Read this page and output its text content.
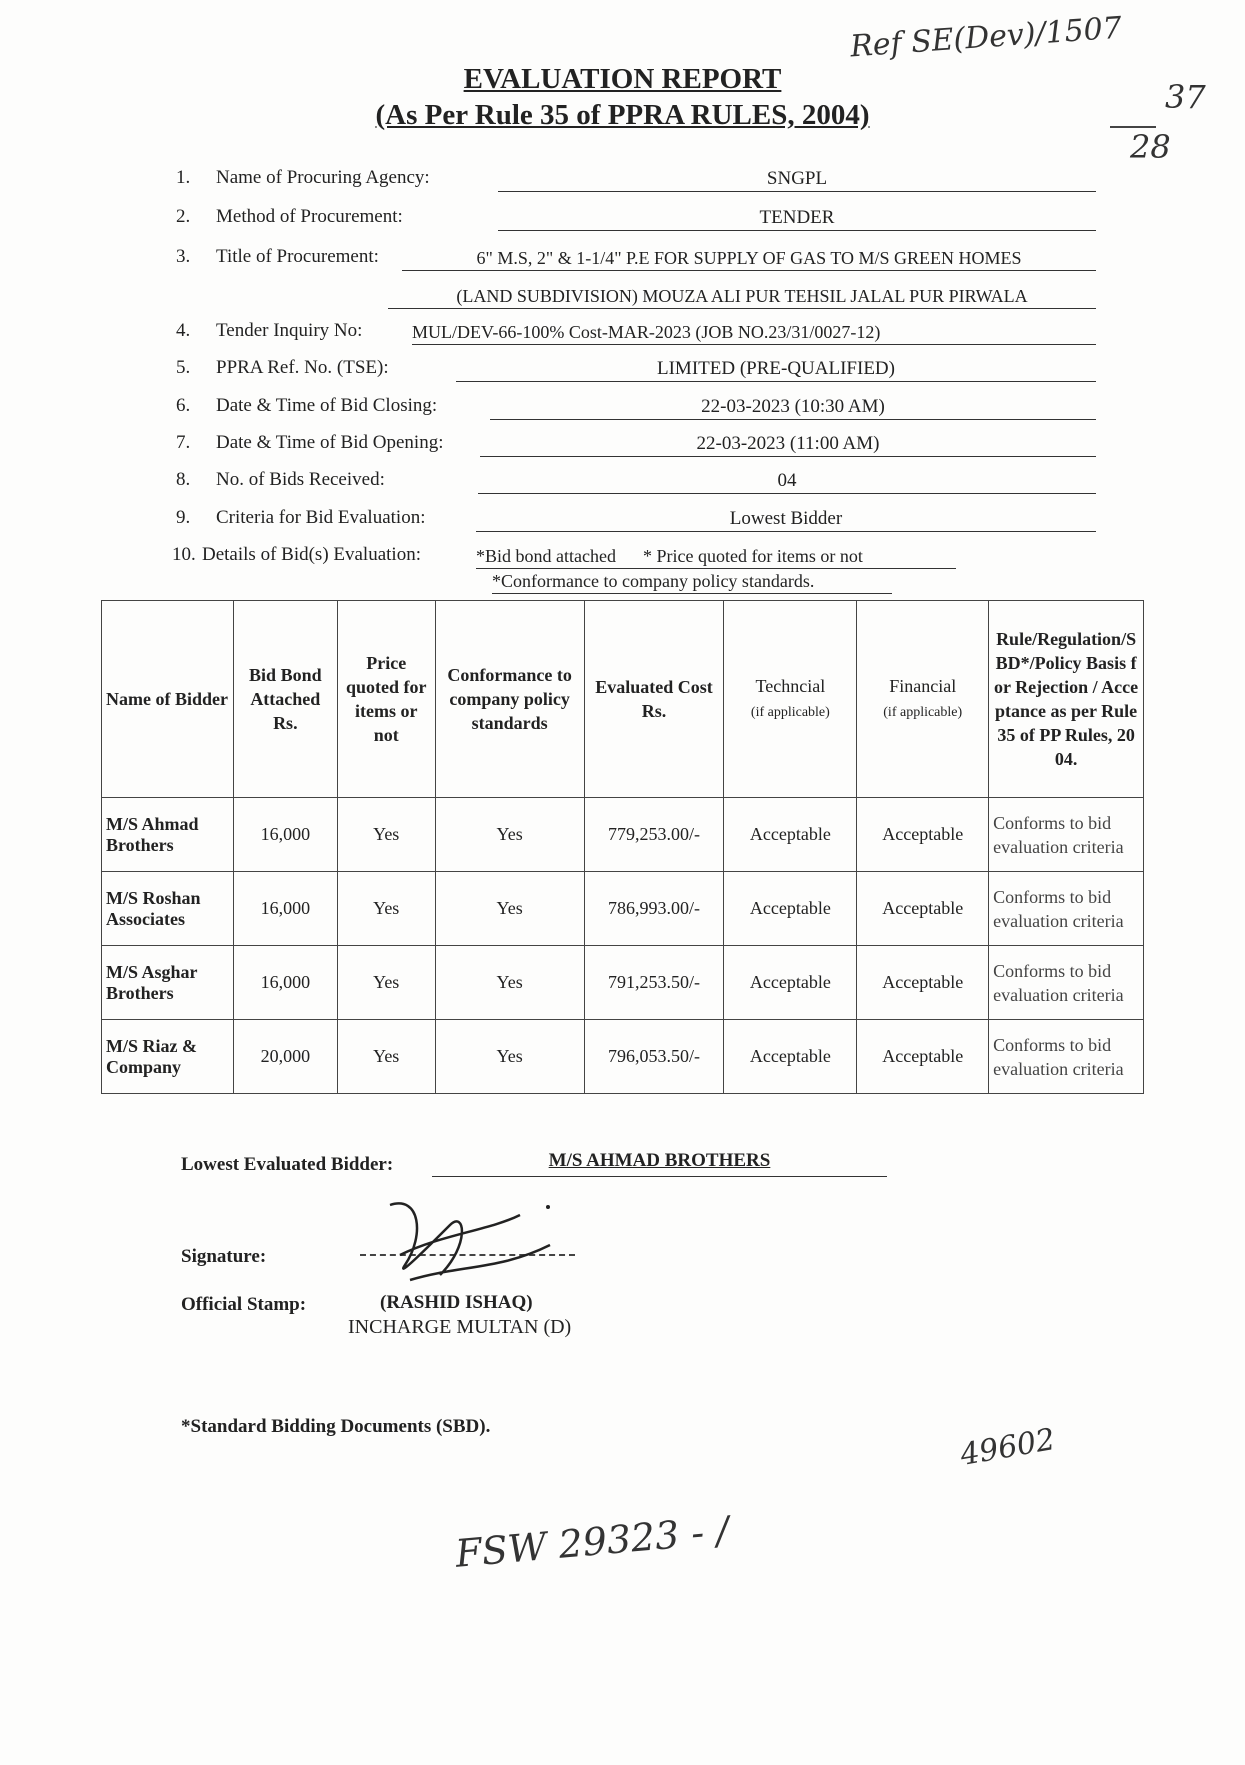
Ref SE(Dev)/1507
37
28
EVALUATION REPORT
(As Per Rule 35 of PPRA RULES, 2004)
1.	Name of Procuring Agency:	SNGPL
2.	Method of Procurement:	TENDER
3.	Title of Procurement:	6" M.S, 2" & 1-1/4" P.E FOR SUPPLY OF GAS TO M/S GREEN HOMES
(LAND SUBDIVISION) MOUZA ALI PUR TEHSIL JALAL PUR PIRWALA
4.	Tender Inquiry No:	MUL/DEV-66-100% Cost-MAR-2023 (JOB NO.23/31/0027-12)
5.	PPRA Ref. No. (TSE):	LIMITED (PRE-QUALIFIED)
6.	Date & Time of Bid Closing:	22-03-2023 (10:30 AM)
7.	Date & Time of Bid Opening:	22-03-2023 (11:00 AM)
8.	No. of Bids Received:	04
9.	Criteria for Bid Evaluation:	Lowest Bidder
10. Details of Bid(s) Evaluation:	*Bid bond attached      * Price quoted for items or not
*Conformance to company policy standards.
Name of Bidder	Bid Bond Attached Rs.	Price quoted for items or not	Conformance to company policy standards	Evaluated Cost Rs.	Techncial
(if applicable)	Financial
(if applicable)	Rule/Regulation/SBD*/Policy Basis for Rejection / Acceptance as per Rule 35 of PP Rules, 2004.
M/S Ahmad Brothers	16,000	Yes	Yes	779,253.00/-	Acceptable	Acceptable	Conforms to bid evaluation criteria
M/S Roshan Associates	16,000	Yes	Yes	786,993.00/-	Acceptable	Acceptable	Conforms to bid evaluation criteria
M/S Asghar Brothers	16,000	Yes	Yes	791,253.50/-	Acceptable	Acceptable	Conforms to bid evaluation criteria
M/S Riaz & Company	20,000	Yes	Yes	796,053.50/-	Acceptable	Acceptable	Conforms to bid evaluation criteria
Lowest Evaluated Bidder:	M/S AHMAD BROTHERS
Signature:
Official Stamp:	(RASHID ISHAQ)
INCHARGE MULTAN (D)
*Standard Bidding Documents (SBD).	49602
FSW 29323 - /
